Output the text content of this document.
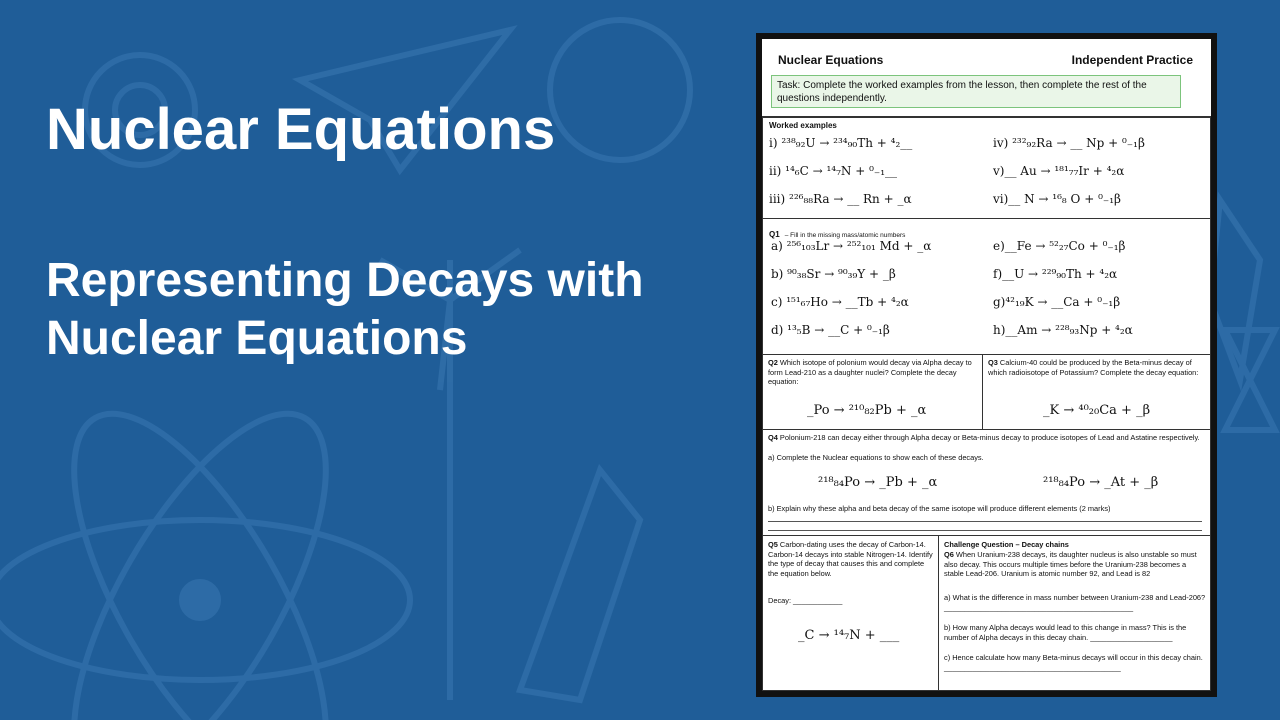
Nuclear Equations
Representing Decays with Nuclear Equations
Nuclear Equations	Independent Practice
Task: Complete the worked examples from the lesson, then complete the rest of the questions independently.
Worked examples
i) ²³⁸₉₂U → ²³⁴₉₀Th + ⁴₂__
ii) ¹⁴₆C → ¹⁴₇N + ⁰₋₁__
iii) ²²⁶₈₈Ra → __ Rn + _α
iv) ²³²₉₂Ra → __ Np + ⁰₋₁β
v)__ Au → ¹⁸¹₇₇Ir + ⁴₂α
vi)__ N → ¹⁶₈ O + ⁰₋₁β
Q1 – Fill in the missing mass/atomic numbers
a) ²⁵⁶₁₀₃Lr → ²⁵²₁₀₁ Md + _α
b) ⁹⁰₃₈Sr → ⁹⁰₃₉Y + _β
c) ¹⁵¹₆₇Ho → __Tb + ⁴₂α
d) ¹³₅B → __C + ⁰₋₁β
e)__Fe → ⁵²₂₇Co + ⁰₋₁β
f)__U → ²²⁹₉₀Th + ⁴₂α
g)⁴²₁₉K → __Ca + ⁰₋₁β
h)__Am → ²²⁸₉₃Np + ⁴₂α
Q2 Which isotope of polonium would decay via Alpha decay to form Lead-210 as a daughter nuclei? Complete the decay equation:
_Po → ²¹⁰₈₂Pb + _α
Q3 Calcium-40 could be produced by the Beta-minus decay of which radioisotope of Potassium? Complete the decay equation:
_K → ⁴⁰₂₀Ca + _β
Q4 Polonium-218 can decay either through Alpha decay or Beta-minus decay to produce isotopes of Lead and Astatine respectively.
a) Complete the Nuclear equations to show each of these decays.
²¹⁸₈₄Po → _Pb + _α	²¹⁸₈₄Po → _At + _β
b) Explain why these alpha and beta decay of the same isotope will produce different elements (2 marks)
Q5 Carbon-dating uses the decay of Carbon-14. Carbon-14 decays into stable Nitrogen-14. Identify the type of decay that causes this and complete the equation below.
Decay: ____________
_C → ¹⁴₇N + ___
Challenge Question – Decay chains
Q6 When Uranium-238 decays, its daughter nucleus is also unstable so must also decay. This occurs multiple times before the Uranium-238 becomes a stable Lead-206. Uranium is atomic number 92, and Lead is 82
a) What is the difference in mass number between Uranium-238 and Lead-206? ______________________________________________
b) How many Alpha decays would lead to this change in mass? This is the number of Alpha decays in this decay chain. ____________________
c) Hence calculate how many Beta-minus decays will occur in this decay chain. ___________________________________________
